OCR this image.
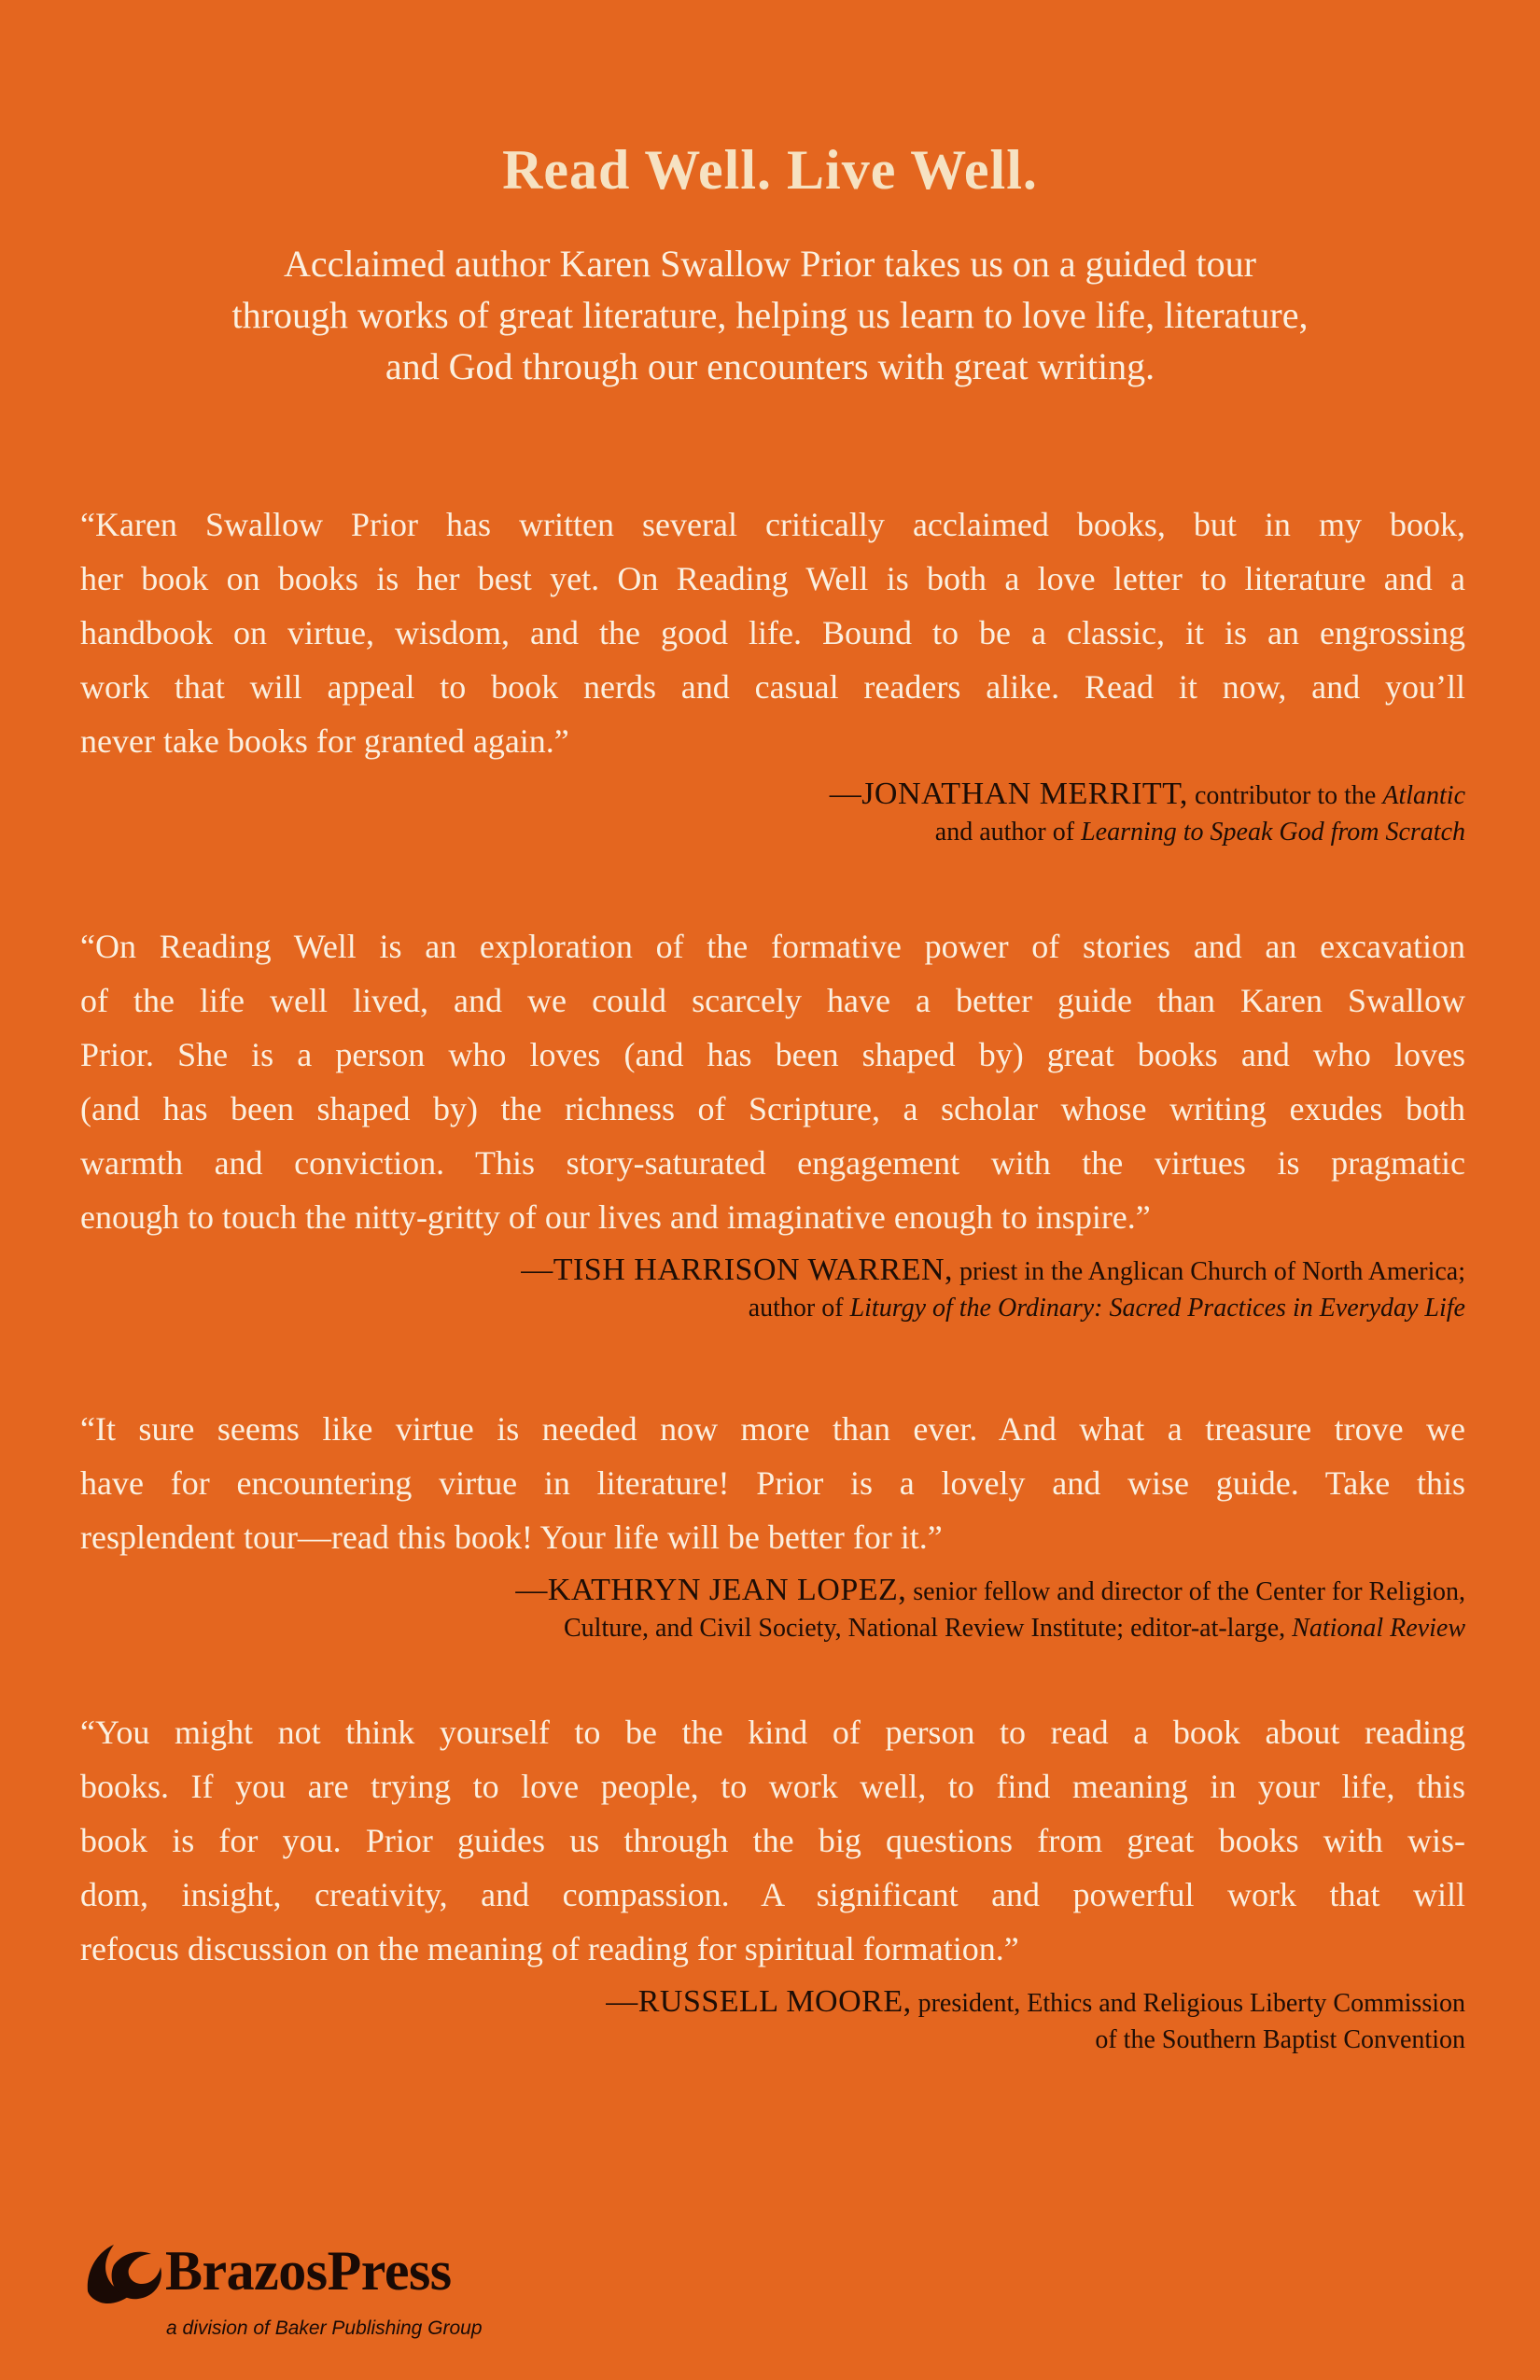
Read Well. Live Well.

Acclaimed author Karen Swallow Prior takes us on a guided tour
through works of great literature, helping us learn to love life, literature,
and God through our encounters with great writing.

“Karen Swallow Prior has written several critically acclaimed books, but in my book,
her book on books is her best yet. On Reading Well is both a love letter to literature and a
handbook on virtue, wisdom, and the good life. Bound to be a classic, it is an engrossing
work that will appeal to book nerds and casual readers alike. Read it now, and you’ll
never take books for granted again.”

—JONATHAN MERRITT, contributor to the Atlantic
and author of Learning to Speak God from Scratch

“On Reading Well is an exploration of the formative power of stories and an excavation
of the life well lived, and we could scarcely have a better guide than Karen Swallow
Prior. She is a person who loves (and has been shaped by) great books and who loves
(and has been shaped by) the richness of Scripture, a scholar whose writing exudes both
warmth and conviction. This story-saturated engagement with the virtues is pragmatic
enough to touch the nitty-gritty of our lives and imaginative enough to inspire.”

—TISH HARRISON WARREN, priest in the Anglican Church of North America;
author of Liturgy of the Ordinary: Sacred Practices in Everyday Life

“It sure seems like virtue is needed now more than ever. And what a treasure trove we
have for encountering virtue in literature! Prior is a lovely and wise guide. Take this
resplendent tour—read this book! Your life will be better for it.”

—KATHRYN JEAN LOPEZ, senior fellow and director of the Center for Religion,
Culture, and Civil Society, National Review Institute; editor-at-large, National Review

“You might not think yourself to be the kind of person to read a book about reading
books. If you are trying to love people, to work well, to find meaning in your life, this
book is for you. Prior guides us through the big questions from great books with wis-
dom, insight, creativity, and compassion. A significant and powerful work that will
refocus discussion on the meaning of reading for spiritual formation.”

—RUSSELL MOORE, president, Ethics and Religious Liberty Commission
of the Southern Baptist Convention

BrazosPress
a division of Baker Publishing Group
